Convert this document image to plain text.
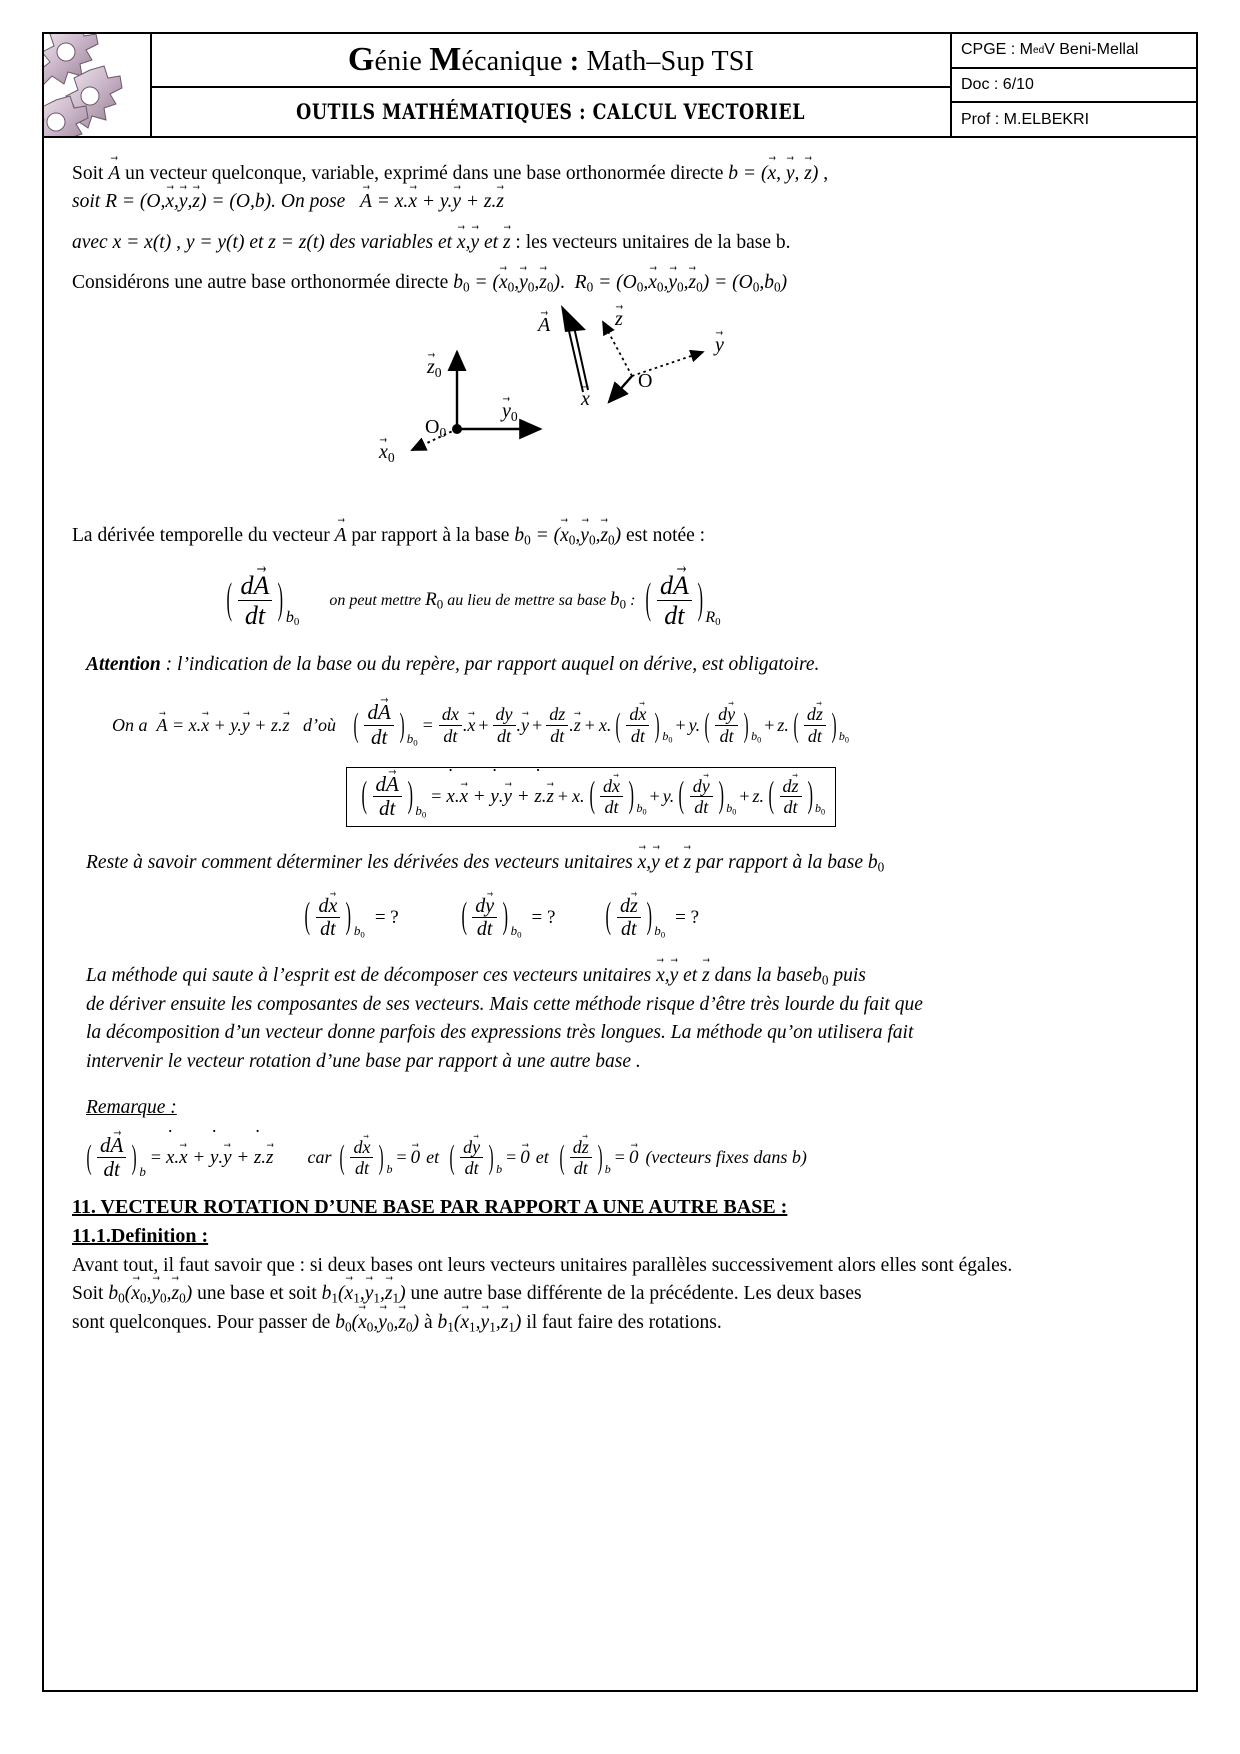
Génie Mécanique : Math–Sup TSI
OUTILS MATHÉMATIQUES : CALCUL VECTORIEL
CPGE : M ed V Beni-Mellal
Doc : 6/10
Prof : M.ELBEKRI
Soit A → un vecteur quelconque, variable, exprimé dans une base orthonormée directe b = (x →, y →, z →) ,
soit R = (O,x →,y →,z →) = (O,b). On pose A → = x.x → + y.y → + z.z →
avec x = x(t) , y = y(t) et z = z(t) des variables et x →,y → et z → : les vecteurs unitaires de la base b.
Considérons une autre base orthonormée directe $b_0 = (x \to_0,y \to_0,z \to_0)$.  $R_0 = (O_0,x \to_0,y \to_0,z \to_0) = (O_0,b_0)$
A →	z →
y →
x →
O
$z \to_0$
$y \to_0$
$x \to_0$
$O_0$
La dérivée temporelle du vecteur A → par rapport à la base $b_0 = (x \to_0,y \to_0,z \to_0)$ est notée :
( $\frac{dA \to}{dt}$ ) $b_0$
on peut mettre $R_0$ au lieu de mettre sa base $b_0$ : ( $\frac{dA \to}{dt}$ ) $R_0$
Attention : l’indication de la base ou du repère, par rapport auquel on dérive, est obligatoire.
On a
A → = x.x → + y.y → + z.z →
d’où
( $\frac{dA \to}{dt}$ ) $b_0$
= $\frac{dx}{dt} .x$ → + $\frac{dy}{dt} .y$ → + $\frac{dz}{dt} .z$ → + x. ( $\frac{dx \to}{dt}$ ) $b_0$
+ y. ( $\frac{dy \to}{dt}$ ) $b_0$
+ z. ( $\frac{dz \to}{dt}$ ) $b_0$
( $\frac{dA \to}{dt}$ ) $b_0$
= x ˙.x → + y ˙.y → + z ˙.z → + x. ( $\frac{dx \to}{dt}$ ) $b_0$
+ y. ( $\frac{dy \to}{dt}$ ) $b_0$
+ z. ( $\frac{dz \to}{dt}$ ) $b_0$
Reste à savoir comment déterminer les dérivées des vecteurs unitaires x →,y → et z → par rapport à la base $b_0$
( $\frac{dx \to}{dt}$ ) $b_0$
= ?	( $\frac{dy \to}{dt}$ ) $b_0$
= ?	( $\frac{dz \to}{dt}$ ) $b_0$
= ?
La méthode qui saute à l’esprit est de décomposer ces vecteurs unitaires x →,y → et z → dans la baseb$_0$ puis
de dériver ensuite les composantes de ses vecteurs. Mais cette méthode risque d’être très lourde du fait que
la décomposition d’un vecteur donne parfois des expressions très longues. La méthode qu’on utilisera fait
intervenir le vecteur rotation d’une base par rapport à une autre base .
Remarque :
( $\frac{dA \to}{dt}$ ) b
= x ˙.x → + y ˙.y → + z ˙.z → car ( $\frac{dx \to}{dt}$ ) b
= 0 → et ( $\frac{dy \to}{dt}$ ) b
= 0 → et ( $\frac{dz \to}{dt}$ ) b
= 0 → (vecteurs fixes dans b)
11. VECTEUR ROTATION D’UNE BASE PAR RAPPORT A UNE AUTRE BASE :
11.1.Definition :
Avant tout, il faut savoir que : si deux bases ont leurs vecteurs unitaires parallèles successivement alors elles sont égales.
Soit $b_0(x \to_0,y \to_0,z \to_0)$ une base et soit $b_1(x \to_1,y \to_1,z \to_1)$ une autre base différente de la précédente. Les deux bases
sont quelconques. Pour passer de $b_0(x \to_0,y \to_0,z \to_0)$ à $b_1(x \to_1,y \to_1,z \to_1)$ il faut faire des rotations.
